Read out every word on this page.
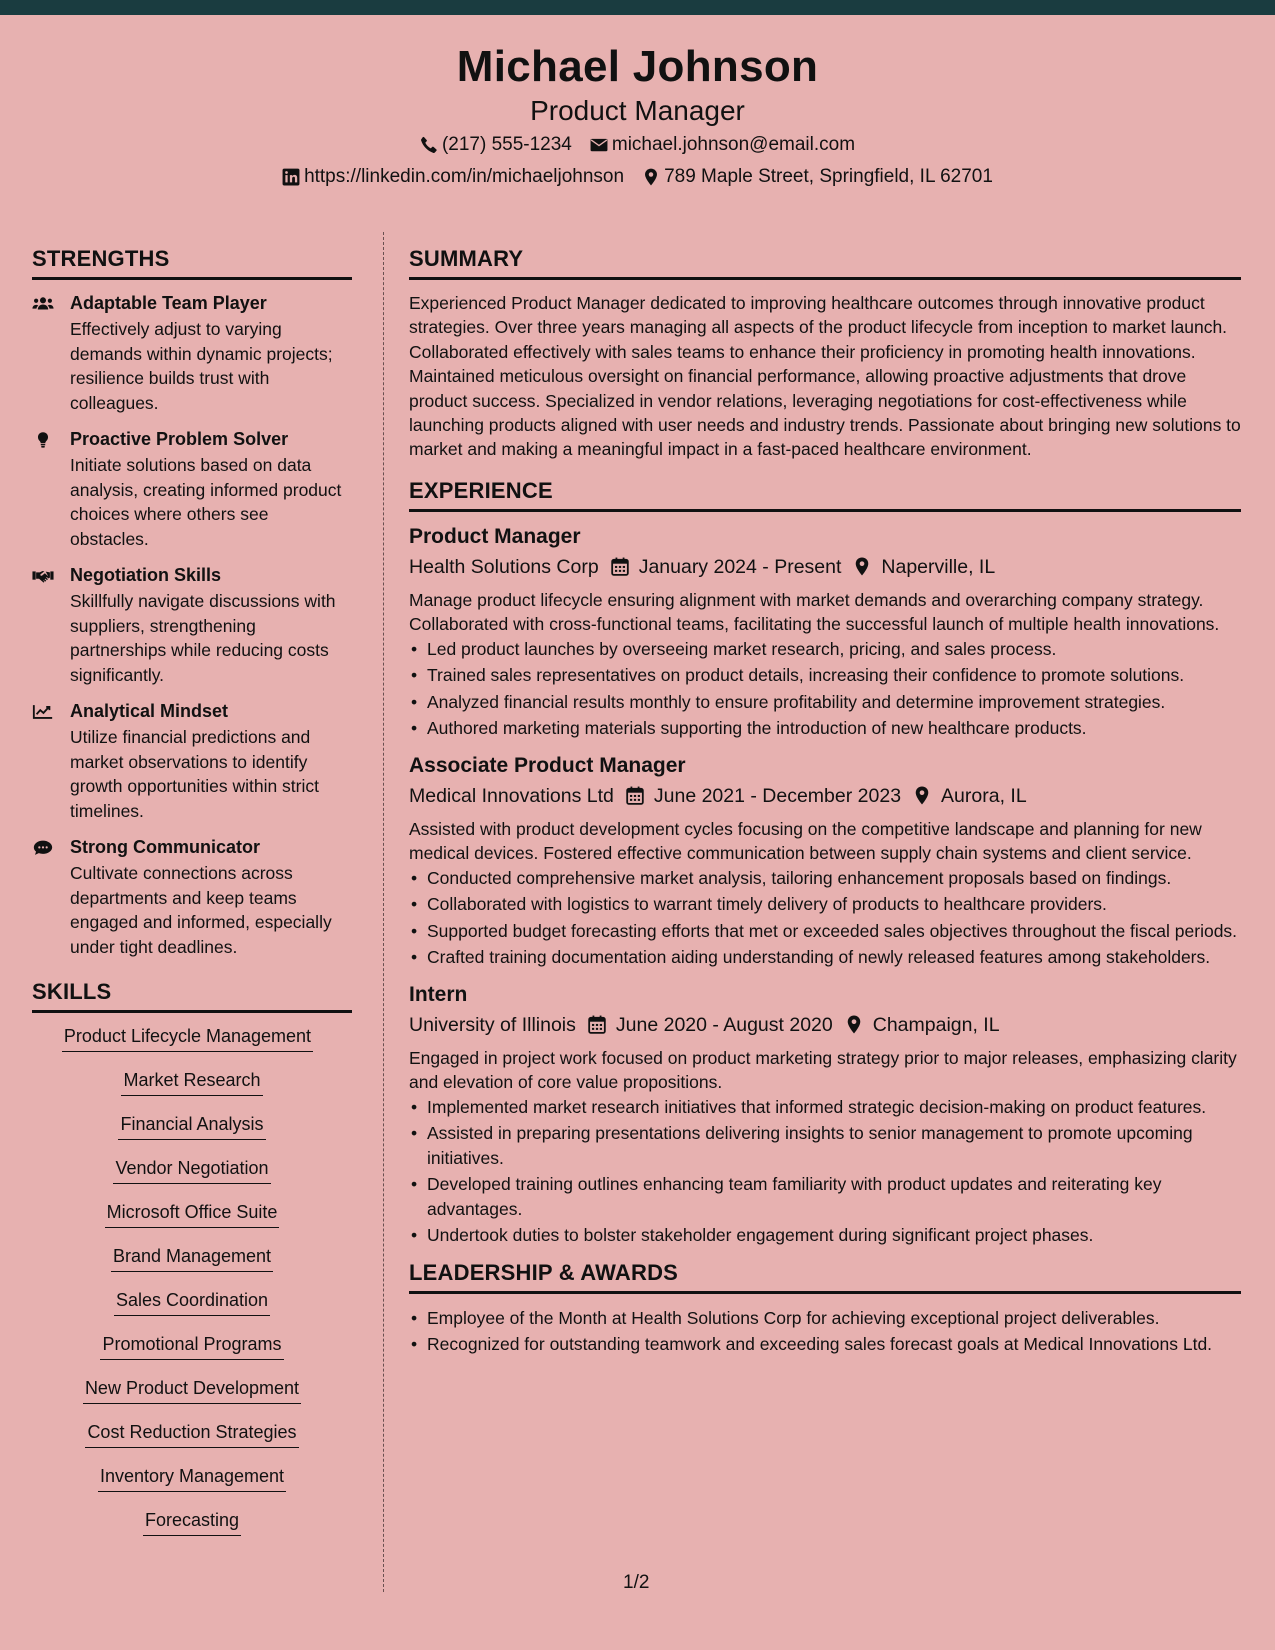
Michael Johnson
Product Manager
(217) 555-1234 michael.johnson@email.com
https://linkedin.com/in/michaeljohnson 789 Maple Street, Springfield, IL 62701
STRENGTHS
Adaptable Team Player
Effectively adjust to varying demands within dynamic projects; resilience builds trust with colleagues.
Proactive Problem Solver
Initiate solutions based on data analysis, creating informed product choices where others see obstacles.
Negotiation Skills
Skillfully navigate discussions with suppliers, strengthening partnerships while reducing costs significantly.
Analytical Mindset
Utilize financial predictions and market observations to identify growth opportunities within strict timelines.
Strong Communicator
Cultivate connections across departments and keep teams engaged and informed, especially under tight deadlines.
SKILLS
Product Lifecycle Management
Market Research
Financial Analysis
Vendor Negotiation
Microsoft Office Suite
Brand Management
Sales Coordination
Promotional Programs
New Product Development
Cost Reduction Strategies
Inventory Management
Forecasting
SUMMARY
Experienced Product Manager dedicated to improving healthcare outcomes through innovative product strategies. Over three years managing all aspects of the product lifecycle from inception to market launch. Collaborated effectively with sales teams to enhance their proficiency in promoting health innovations. Maintained meticulous oversight on financial performance, allowing proactive adjustments that drove product success. Specialized in vendor relations, leveraging negotiations for cost-effectiveness while launching products aligned with user needs and industry trends. Passionate about bringing new solutions to market and making a meaningful impact in a fast-paced healthcare environment.
EXPERIENCE
Product Manager
Health Solutions Corp January 2024 - Present Naperville, IL
Manage product lifecycle ensuring alignment with market demands and overarching company strategy. Collaborated with cross-functional teams, facilitating the successful launch of multiple health innovations.
• Led product launches by overseeing market research, pricing, and sales process.
• Trained sales representatives on product details, increasing their confidence to promote solutions.
• Analyzed financial results monthly to ensure profitability and determine improvement strategies.
• Authored marketing materials supporting the introduction of new healthcare products.
Associate Product Manager
Medical Innovations Ltd June 2021 - December 2023 Aurora, IL
Assisted with product development cycles focusing on the competitive landscape and planning for new medical devices. Fostered effective communication between supply chain systems and client service.
• Conducted comprehensive market analysis, tailoring enhancement proposals based on findings.
• Collaborated with logistics to warrant timely delivery of products to healthcare providers.
• Supported budget forecasting efforts that met or exceeded sales objectives throughout the fiscal periods.
• Crafted training documentation aiding understanding of newly released features among stakeholders.
Intern
University of Illinois June 2020 - August 2020 Champaign, IL
Engaged in project work focused on product marketing strategy prior to major releases, emphasizing clarity and elevation of core value propositions.
• Implemented market research initiatives that informed strategic decision-making on product features.
• Assisted in preparing presentations delivering insights to senior management to promote upcoming initiatives.
• Developed training outlines enhancing team familiarity with product updates and reiterating key advantages.
• Undertook duties to bolster stakeholder engagement during significant project phases.
LEADERSHIP & AWARDS
• Employee of the Month at Health Solutions Corp for achieving exceptional project deliverables.
• Recognized for outstanding teamwork and exceeding sales forecast goals at Medical Innovations Ltd.
1/2
